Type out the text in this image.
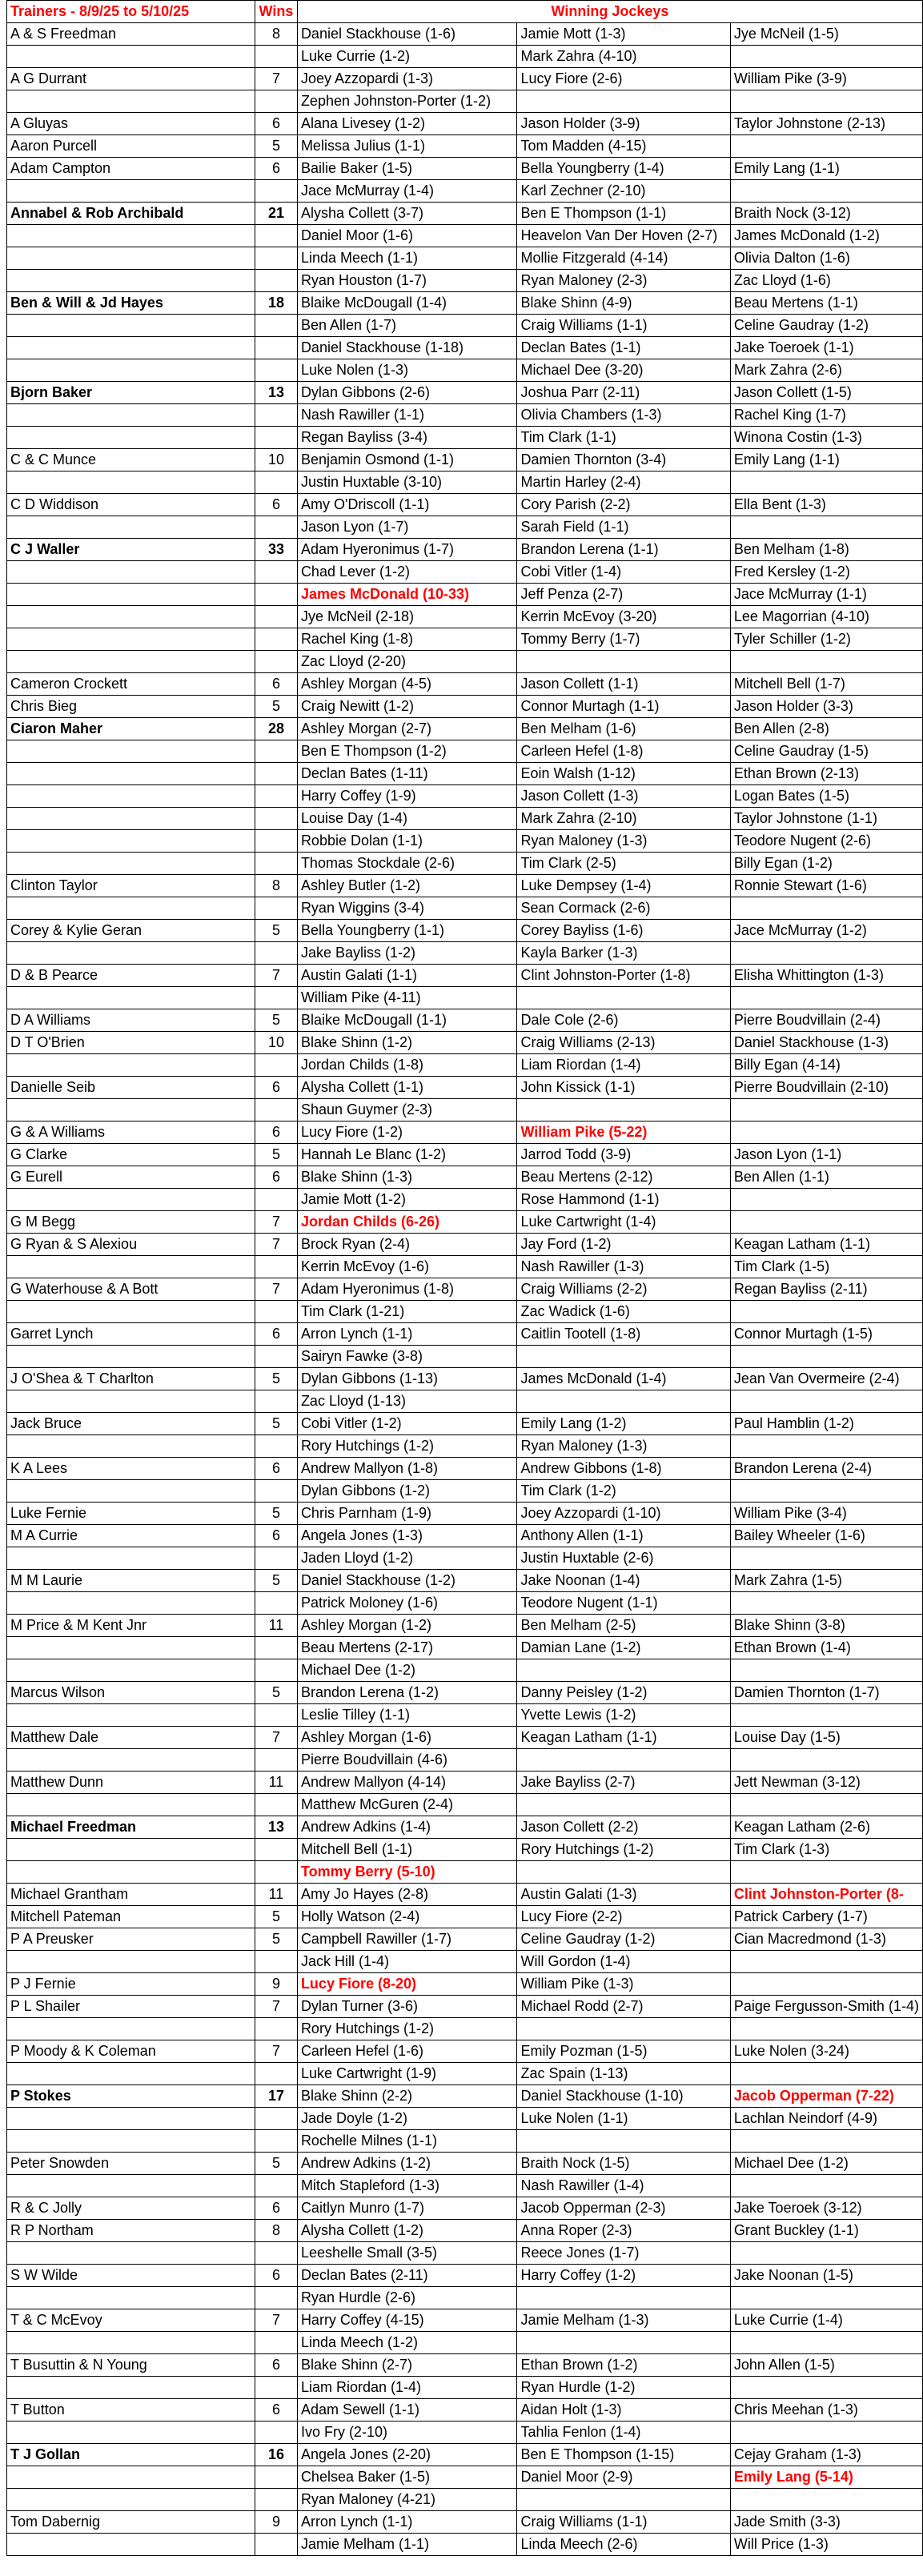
Trainers - 8/9/25 to 5/10/25	Wins	Winning Jockeys		
A & S Freedman	8	Daniel Stackhouse (1-6)	Jamie Mott (1-3)	Jye McNeil (1-5)
		Luke Currie (1-2)	Mark Zahra (4-10)	
A G Durrant	7	Joey Azzopardi (1-3)	Lucy Fiore (2-6)	William Pike (3-9)
		Zephen Johnston-Porter (1-2)		
A Gluyas	6	Alana Livesey (1-2)	Jason Holder (3-9)	Taylor Johnstone (2-13)
Aaron Purcell	5	Melissa Julius (1-1)	Tom Madden (4-15)	
Adam Campton	6	Bailie Baker (1-5)	Bella Youngberry (1-4)	Emily Lang (1-1)
		Jace McMurray (1-4)	Karl Zechner (2-10)	
Annabel & Rob Archibald	21	Alysha Collett (3-7)	Ben E Thompson (1-1)	Braith Nock (3-12)
		Daniel Moor (1-6)	Heavelon Van Der Hoven (2-7)	James McDonald (1-2)
		Linda Meech (1-1)	Mollie Fitzgerald (4-14)	Olivia Dalton (1-6)
		Ryan Houston (1-7)	Ryan Maloney (2-3)	Zac Lloyd (1-6)
Ben & Will & Jd Hayes	18	Blaike McDougall (1-4)	Blake Shinn (4-9)	Beau Mertens (1-1)
		Ben Allen (1-7)	Craig Williams (1-1)	Celine Gaudray (1-2)
		Daniel Stackhouse (1-18)	Declan Bates (1-1)	Jake Toeroek (1-1)
		Luke Nolen (1-3)	Michael Dee (3-20)	Mark Zahra (2-6)
Bjorn Baker	13	Dylan Gibbons (2-6)	Joshua Parr (2-11)	Jason Collett (1-5)
		Nash Rawiller (1-1)	Olivia Chambers (1-3)	Rachel King (1-7)
		Regan Bayliss (3-4)	Tim Clark (1-1)	Winona Costin (1-3)
C & C Munce	10	Benjamin Osmond (1-1)	Damien Thornton (3-4)	Emily Lang (1-1)
		Justin Huxtable (3-10)	Martin Harley (2-4)	
C D Widdison	6	Amy O'Driscoll (1-1)	Cory Parish (2-2)	Ella Bent (1-3)
		Jason Lyon (1-7)	Sarah Field (1-1)	
C J Waller	33	Adam Hyeronimus (1-7)	Brandon Lerena (1-1)	Ben Melham (1-8)
		Chad Lever (1-2)	Cobi Vitler (1-4)	Fred Kersley (1-2)
		James McDonald (10-33)	Jeff Penza (2-7)	Jace McMurray (1-1)
		Jye McNeil (2-18)	Kerrin McEvoy (3-20)	Lee Magorrian (4-10)
		Rachel King (1-8)	Tommy Berry (1-7)	Tyler Schiller (1-2)
		Zac Lloyd (2-20)		
Cameron Crockett	6	Ashley Morgan (4-5)	Jason Collett (1-1)	Mitchell Bell (1-7)
Chris Bieg	5	Craig Newitt (1-2)	Connor Murtagh (1-1)	Jason Holder (3-3)
Ciaron Maher	28	Ashley Morgan (2-7)	Ben Melham (1-6)	Ben Allen (2-8)
		Ben E Thompson (1-2)	Carleen Hefel (1-8)	Celine Gaudray (1-5)
		Declan Bates (1-11)	Eoin Walsh (1-12)	Ethan Brown (2-13)
		Harry Coffey (1-9)	Jason Collett (1-3)	Logan Bates (1-5)
		Louise Day (1-4)	Mark Zahra (2-10)	Taylor Johnstone (1-1)
		Robbie Dolan (1-1)	Ryan Maloney (1-3)	Teodore Nugent (2-6)
		Thomas Stockdale (2-6)	Tim Clark (2-5)	Billy Egan (1-2)
Clinton Taylor	8	Ashley Butler (1-2)	Luke Dempsey (1-4)	Ronnie Stewart (1-6)
		Ryan Wiggins (3-4)	Sean Cormack (2-6)	
Corey & Kylie Geran	5	Bella Youngberry (1-1)	Corey Bayliss (1-6)	Jace McMurray (1-2)
		Jake Bayliss (1-2)	Kayla Barker (1-3)	
D & B Pearce	7	Austin Galati (1-1)	Clint Johnston-Porter (1-8)	Elisha Whittington (1-3)
		William Pike (4-11)		
D A Williams	5	Blaike McDougall (1-1)	Dale Cole (2-6)	Pierre Boudvillain (2-4)
D T O'Brien	10	Blake Shinn (1-2)	Craig Williams (2-13)	Daniel Stackhouse (1-3)
		Jordan Childs (1-8)	Liam Riordan (1-4)	Billy Egan (4-14)
Danielle Seib	6	Alysha Collett (1-1)	John Kissick (1-1)	Pierre Boudvillain (2-10)
		Shaun Guymer (2-3)		
G & A Williams	6	Lucy Fiore (1-2)	William Pike (5-22)	
G Clarke	5	Hannah Le Blanc (1-2)	Jarrod Todd (3-9)	Jason Lyon (1-1)
G Eurell	6	Blake Shinn (1-3)	Beau Mertens (2-12)	Ben Allen (1-1)
		Jamie Mott (1-2)	Rose Hammond (1-1)	
G M Begg	7	Jordan Childs (6-26)	Luke Cartwright (1-4)	
G Ryan & S Alexiou	7	Brock Ryan (2-4)	Jay Ford (1-2)	Keagan Latham (1-1)
		Kerrin McEvoy (1-6)	Nash Rawiller (1-3)	Tim Clark (1-5)
G Waterhouse & A Bott	7	Adam Hyeronimus (1-8)	Craig Williams (2-2)	Regan Bayliss (2-11)
		Tim Clark (1-21)	Zac Wadick (1-6)	
Garret Lynch	6	Arron Lynch (1-1)	Caitlin Tootell (1-8)	Connor Murtagh (1-5)
		Sairyn Fawke (3-8)		
J O'Shea & T Charlton	5	Dylan Gibbons (1-13)	James McDonald (1-4)	Jean Van Overmeire (2-4)
		Zac Lloyd (1-13)		
Jack Bruce	5	Cobi Vitler (1-2)	Emily Lang (1-2)	Paul Hamblin (1-2)
		Rory Hutchings (1-2)	Ryan Maloney (1-3)	
K A Lees	6	Andrew Mallyon (1-8)	Andrew Gibbons (1-8)	Brandon Lerena (2-4)
		Dylan Gibbons (1-2)	Tim Clark (1-2)	
Luke Fernie	5	Chris Parnham (1-9)	Joey Azzopardi (1-10)	William Pike (3-4)
M A Currie	6	Angela Jones (1-3)	Anthony Allen (1-1)	Bailey Wheeler (1-6)
		Jaden Lloyd (1-2)	Justin Huxtable (2-6)	
M M Laurie	5	Daniel Stackhouse (1-2)	Jake Noonan (1-4)	Mark Zahra (1-5)
		Patrick Moloney (1-6)	Teodore Nugent (1-1)	
M Price & M Kent Jnr	11	Ashley Morgan (1-2)	Ben Melham (2-5)	Blake Shinn (3-8)
		Beau Mertens (2-17)	Damian Lane (1-2)	Ethan Brown (1-4)
		Michael Dee (1-2)		
Marcus Wilson	5	Brandon Lerena (1-2)	Danny Peisley (1-2)	Damien Thornton (1-7)
		Leslie Tilley (1-1)	Yvette Lewis (1-2)	
Matthew Dale	7	Ashley Morgan (1-6)	Keagan Latham (1-1)	Louise Day (1-5)
		Pierre Boudvillain (4-6)		
Matthew Dunn	11	Andrew Mallyon (4-14)	Jake Bayliss (2-7)	Jett Newman (3-12)
		Matthew McGuren (2-4)		
Michael Freedman	13	Andrew Adkins (1-4)	Jason Collett (2-2)	Keagan Latham (2-6)
		Mitchell Bell (1-1)	Rory Hutchings (1-2)	Tim Clark (1-3)
		Tommy Berry (5-10)		
Michael Grantham	11	Amy Jo Hayes (2-8)	Austin Galati (1-3)	Clint Johnston-Porter (8-
Mitchell Pateman	5	Holly Watson (2-4)	Lucy Fiore (2-2)	Patrick Carbery (1-7)
P A Preusker	5	Campbell Rawiller (1-7)	Celine Gaudray (1-2)	Cian Macredmond (1-3)
		Jack Hill (1-4)	Will Gordon (1-4)	
P J Fernie	9	Lucy Fiore (8-20)	William Pike (1-3)	
P L Shailer	7	Dylan Turner (3-6)	Michael Rodd (2-7)	Paige Fergusson-Smith (1-4)
		Rory Hutchings (1-2)		
P Moody & K Coleman	7	Carleen Hefel (1-6)	Emily Pozman (1-5)	Luke Nolen (3-24)
		Luke Cartwright (1-9)	Zac Spain (1-13)	
P Stokes	17	Blake Shinn (2-2)	Daniel Stackhouse (1-10)	Jacob Opperman (7-22)
		Jade Doyle (1-2)	Luke Nolen (1-1)	Lachlan Neindorf (4-9)
		Rochelle Milnes (1-1)		
Peter Snowden	5	Andrew Adkins (1-2)	Braith Nock (1-5)	Michael Dee (1-2)
		Mitch Stapleford (1-3)	Nash Rawiller (1-4)	
R & C Jolly	6	Caitlyn Munro (1-7)	Jacob Opperman (2-3)	Jake Toeroek (3-12)
R P Northam	8	Alysha Collett (1-2)	Anna Roper (2-3)	Grant Buckley (1-1)
		Leeshelle Small (3-5)	Reece Jones (1-7)	
S W Wilde	6	Declan Bates (2-11)	Harry Coffey (1-2)	Jake Noonan (1-5)
		Ryan Hurdle (2-6)		
T & C McEvoy	7	Harry Coffey (4-15)	Jamie Melham (1-3)	Luke Currie (1-4)
		Linda Meech (1-2)		
T Busuttin & N Young	6	Blake Shinn (2-7)	Ethan Brown (1-2)	John Allen (1-5)
		Liam Riordan (1-4)	Ryan Hurdle (1-2)	
T Button	6	Adam Sewell (1-1)	Aidan Holt (1-3)	Chris Meehan (1-3)
		Ivo Fry (2-10)	Tahlia Fenlon (1-4)	
T J Gollan	16	Angela Jones (2-20)	Ben E Thompson (1-15)	Cejay Graham (1-3)
		Chelsea Baker (1-5)	Daniel Moor (2-9)	Emily Lang (5-14)
		Ryan Maloney (4-21)		
Tom Dabernig	9	Arron Lynch (1-1)	Craig Williams (1-1)	Jade Smith (3-3)
		Jamie Melham (1-1)	Linda Meech (2-6)	Will Price (1-3)
